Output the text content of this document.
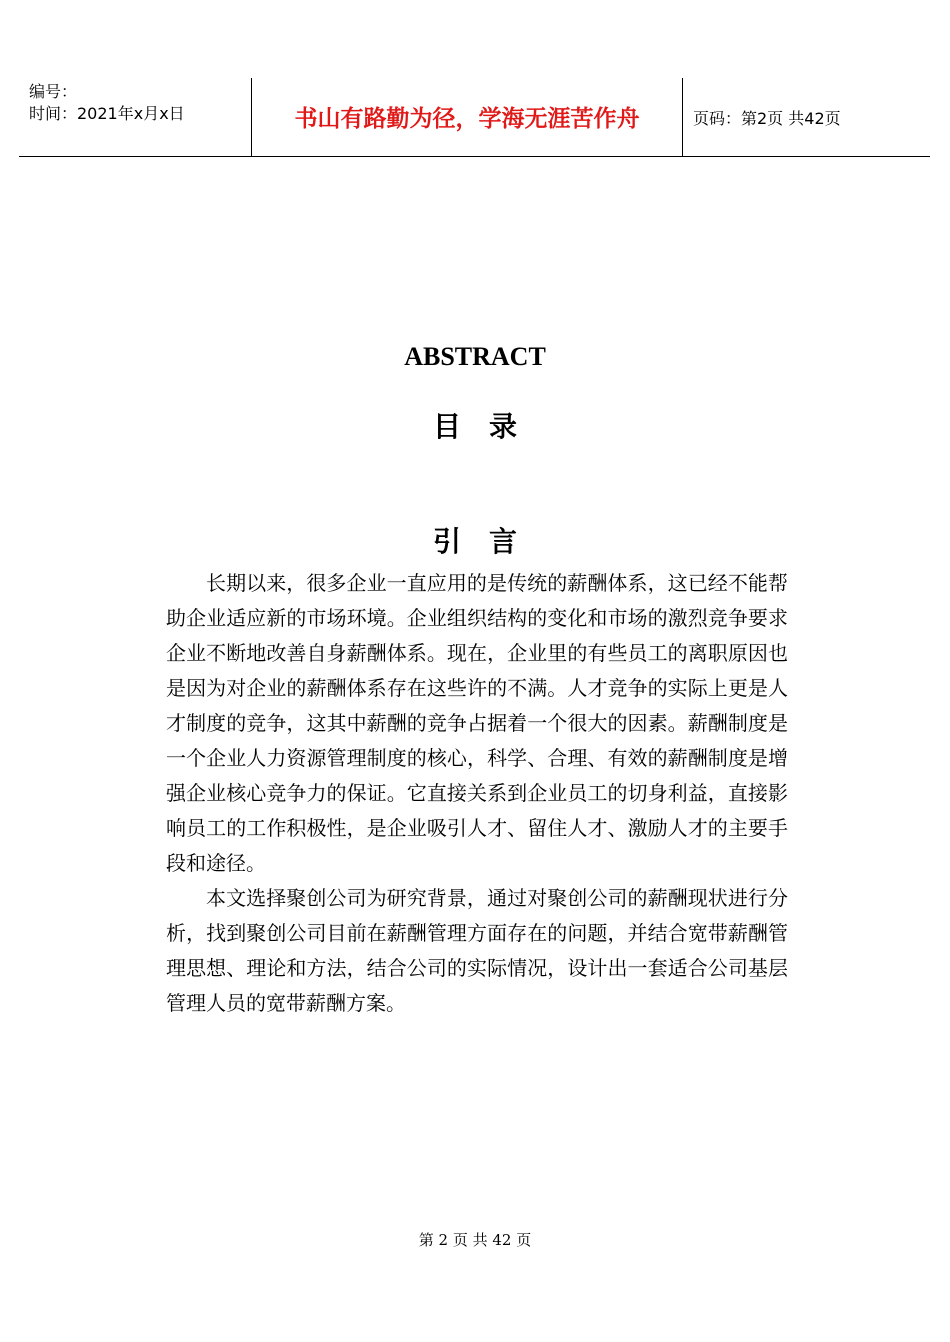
编号：
时间：2021年x月x日	书山有路勤为径，学海无涯苦作舟	页码：第2页 共42页
ABSTRACT
目录
引言

长期以来，很多企业一直应用的是传统的薪酬体系，这已经不能帮助企业适应新的市场环境。企业组织结构的变化和市场的激烈竞争要求企业不断地改善自身薪酬体系。现在，企业里的有些员工的离职原因也是因为对企业的薪酬体系存在这些许的不满。人才竞争的实际上更是人才制度的竞争，这其中薪酬的竞争占据着一个很大的因素。薪酬制度是一个企业人力资源管理制度的核心，科学、合理、有效的薪酬制度是增强企业核心竞争力的保证。它直接关系到企业员工的切身利益，直接影响员工的工作积极性，是企业吸引人才、留住人才、激励人才的主要手段和途径。

本文选择聚创公司为研究背景，通过对聚创公司的薪酬现状进行分析，找到聚创公司目前在薪酬管理方面存在的问题，并结合宽带薪酬管理思想、理论和方法，结合公司的实际情况，设计出一套适合公司基层管理人员的宽带薪酬方案。

第 2 页 共 42 页
